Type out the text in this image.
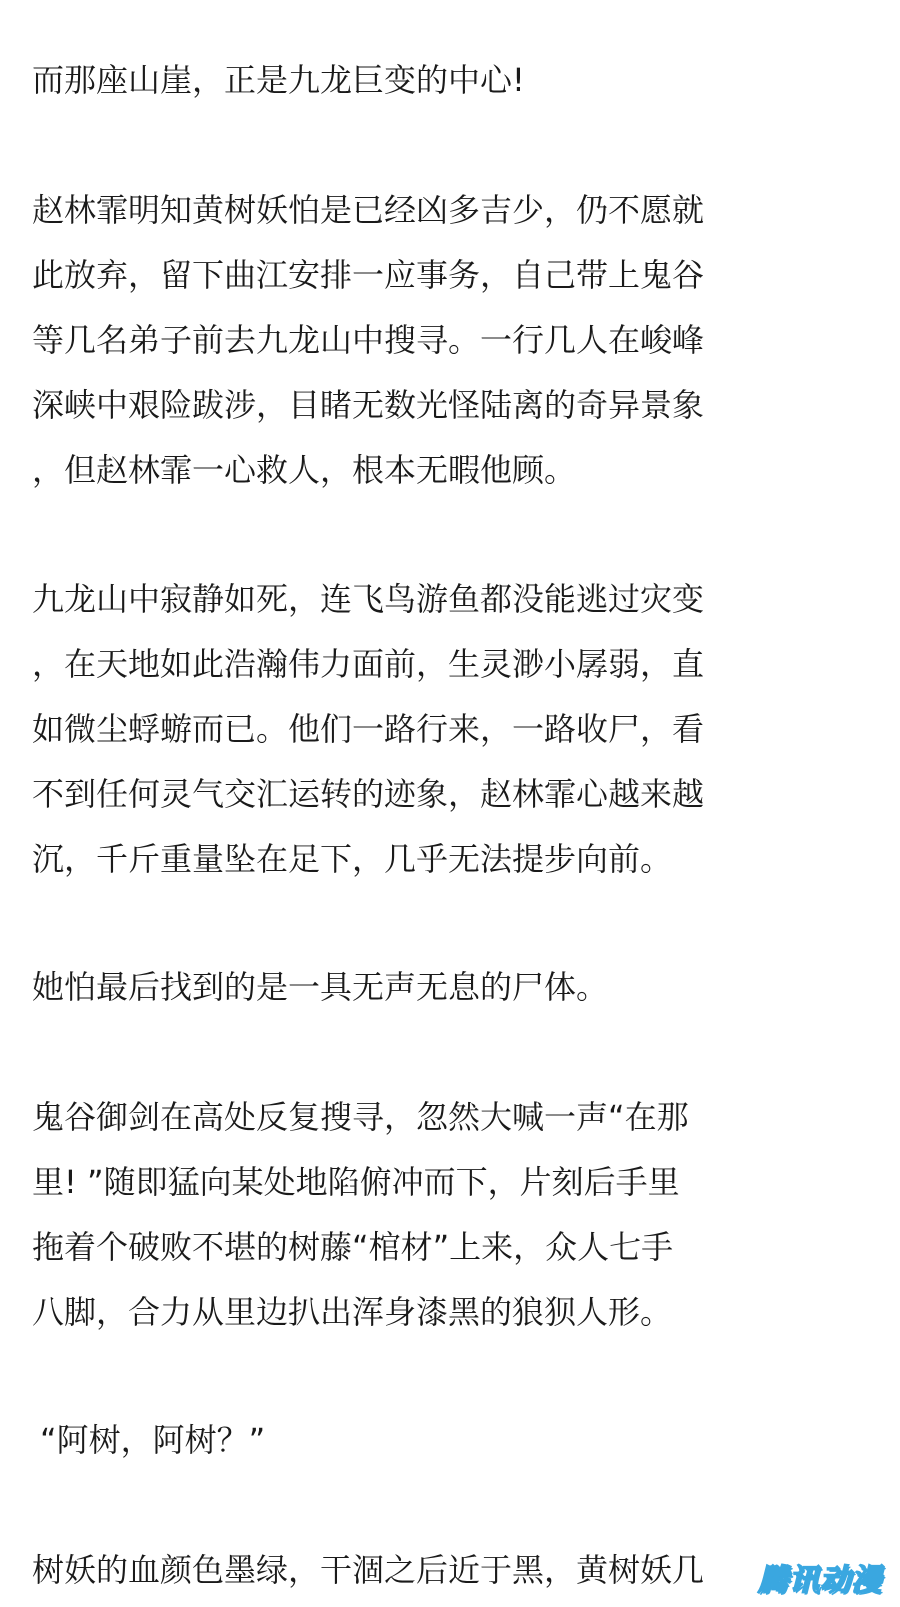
而那座山崖，正是九龙巨变的中心!

赵林霏明知黄树妖怕是已经凶多吉少，仍不愿就
此放弃，留下曲江安排一应事务，自己带上鬼谷
等几名弟子前去九龙山中搜寻。一行几人在峻峰
深峡中艰险跋涉，目睹无数光怪陆离的奇异景象
，但赵林霏一心救人，根本无暇他顾。

九龙山中寂静如死，连飞鸟游鱼都没能逃过灾变
，在天地如此浩瀚伟力面前，生灵渺小孱弱，直
如微尘蜉蝣而已。他们一路行来，一路收尸，看
不到任何灵气交汇运转的迹象，赵林霏心越来越
沉，千斤重量坠在足下，几乎无法提步向前。

她怕最后找到的是一具无声无息的尸体。

鬼谷御剑在高处反复搜寻，忽然大喊一声“在那
里! ”随即猛向某处地陷俯冲而下，片刻后手里
拖着个破败不堪的树藤“棺材”上来，众人七手
八脚，合力从里边扒出浑身漆黑的狼狈人形。

“阿树，阿树？”

树妖的血颜色墨绿，干涸之后近于黑，黄树妖几 腾讯动漫
